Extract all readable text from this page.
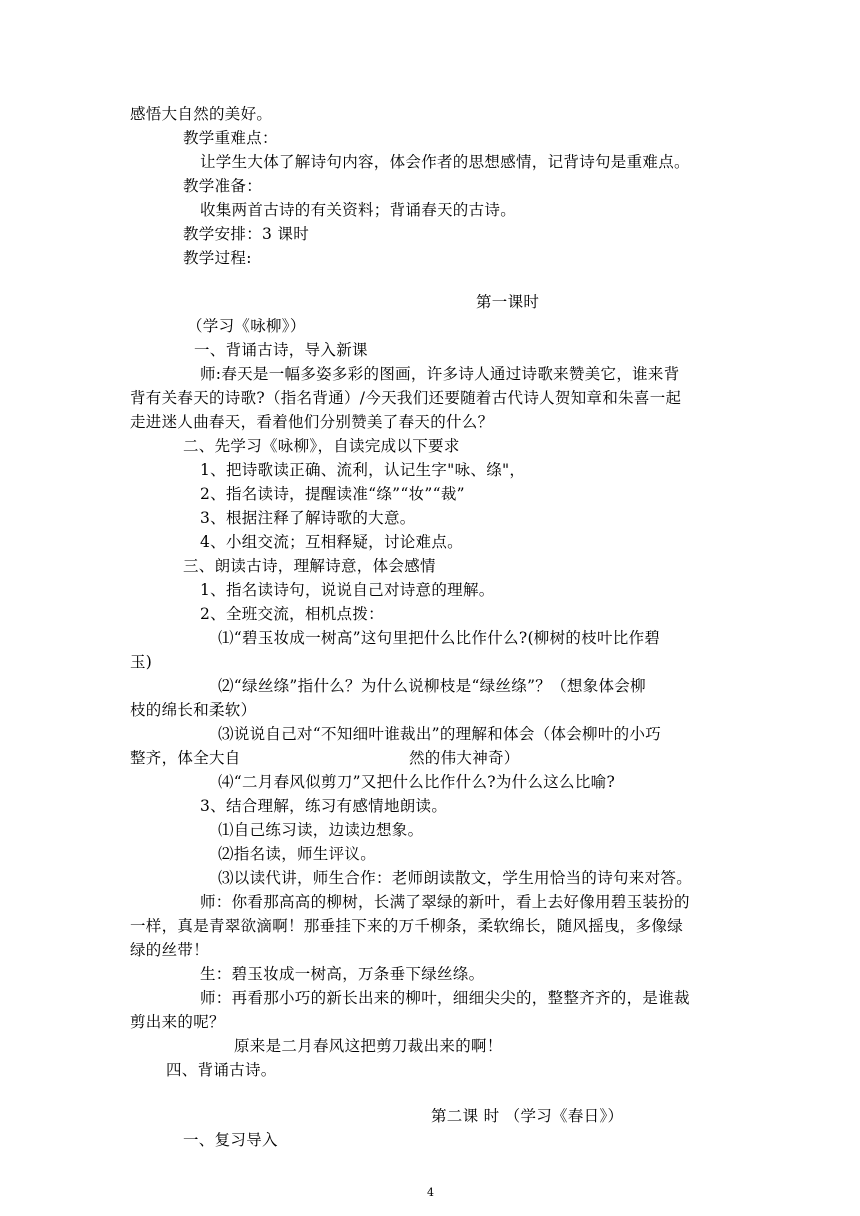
感悟大自然的美好。
教学重难点：
让学生大体了解诗句内容，体会作者的思想感情，记背诗句是重难点。
教学准备：
收集两首古诗的有关资料；背诵春天的古诗。
教学安排：3 课时
教学过程:
第一课时
（学习《咏柳》）
一、背诵古诗，导入新课
师:春天是一幅多姿多彩的图画，许多诗人通过诗歌来赞美它，谁来背
背有关春天的诗歌?（指名背通）/今天我们还要随着古代诗人贺知章和朱喜一起
走进迷人曲春天，看着他们分别赞美了春天的什么？
二、先学习《咏柳》，自读完成以下要求
1、把诗歌读正确、流利，认记生字"咏、绦"，
2、指名读诗，提醒读准“绦”“妆”“裁”
3、根据注释了解诗歌的大意。
4、小组交流；互相释疑，讨论难点。
三、朗读古诗，理解诗意，体会感情
1、指名读诗句，说说自己对诗意的理解。
2、全班交流，相机点拨：
⑴“碧玉妆成一树高”这句里把什么比作什么?(柳树的枝叶比作碧
玉)
⑵“绿丝绦”指什么？为什么说柳枝是“绿丝绦”？（想象体会柳
枝的绵长和柔软）
⑶说说自己对“不知细叶谁裁出”的理解和体会（体会柳叶的小巧
整齐，体全大自	然的伟大神奇）
⑷“二月春风似剪刀”又把什么比作什么?为什么这么比喻?
3、结合理解，练习有感情地朗读。
⑴自己练习读，边读边想象。
⑵指名读，师生评议。
⑶以读代讲，师生合作：老师朗读散文，学生用恰当的诗句来对答。
师：你看那高高的柳树，长满了翠绿的新叶，看上去好像用碧玉装扮的
一样，真是青翠欲滴啊！那垂挂下来的万千柳条，柔软绵长，随风摇曳，多像绿
绿的丝带！
生：碧玉妆成一树高，万条垂下绿丝绦。
师：再看那小巧的新长出来的柳叶，细细尖尖的，整整齐齐的，是谁裁
剪出来的呢？
原来是二月春风这把剪刀裁出来的啊！
四、背诵古诗。
第二课 时 （学习《春日》）
一、复习导入
4
